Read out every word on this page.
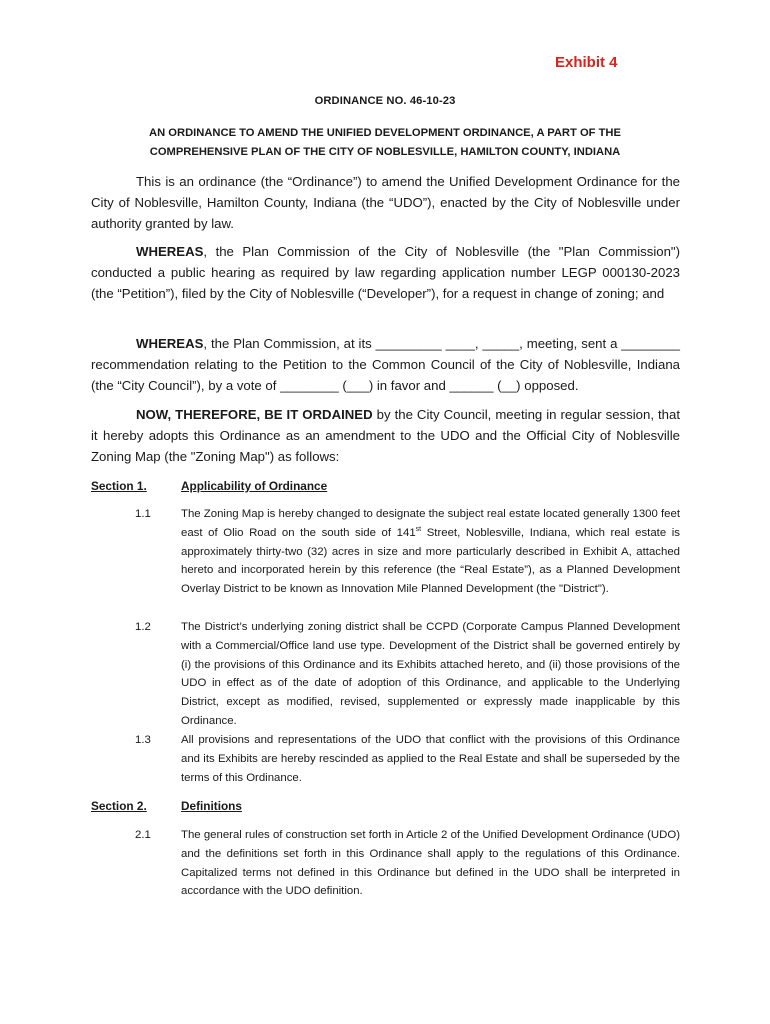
Exhibit 4
ORDINANCE NO. 46-10-23
AN ORDINANCE TO AMEND THE UNIFIED DEVELOPMENT ORDINANCE, A PART OF THE COMPREHENSIVE PLAN OF THE CITY OF NOBLESVILLE, HAMILTON COUNTY, INDIANA
This is an ordinance (the “Ordinance”) to amend the Unified Development Ordinance for the City of Noblesville, Hamilton County, Indiana (the “UDO”), enacted by the City of Noblesville under authority granted by law.
WHEREAS, the Plan Commission of the City of Noblesville (the "Plan Commission") conducted a public hearing as required by law regarding application number LEGP 000130-2023 (the “Petition”), filed by the City of Noblesville (“Developer”), for a request in change of zoning; and
WHEREAS, the Plan Commission, at its _________ ____, _____, meeting, sent a ________ recommendation relating to the Petition to the Common Council of the City of Noblesville, Indiana (the “City Council”), by a vote of ________ (___) in favor and ______ (__) opposed.
NOW, THEREFORE, BE IT ORDAINED by the City Council, meeting in regular session, that it hereby adopts this Ordinance as an amendment to the UDO and the Official City of Noblesville Zoning Map (the "Zoning Map") as follows:
Section 1.	Applicability of Ordinance
1.1	The Zoning Map is hereby changed to designate the subject real estate located generally 1300 feet east of Olio Road on the south side of 141st Street, Noblesville, Indiana, which real estate is approximately thirty-two (32) acres in size and more particularly described in Exhibit A, attached hereto and incorporated herein by this reference (the “Real Estate”), as a Planned Development Overlay District to be known as Innovation Mile Planned Development (the "District").
1.2	The District’s underlying zoning district shall be CCPD (Corporate Campus Planned Development with a Commercial/Office land use type. Development of the District shall be governed entirely by (i) the provisions of this Ordinance and its Exhibits attached hereto, and (ii) those provisions of the UDO in effect as of the date of adoption of this Ordinance, and applicable to the Underlying District, except as modified, revised, supplemented or expressly made inapplicable by this Ordinance.
1.3	All provisions and representations of the UDO that conflict with the provisions of this Ordinance and its Exhibits are hereby rescinded as applied to the Real Estate and shall be superseded by the terms of this Ordinance.
Section 2.	Definitions
2.1	The general rules of construction set forth in Article 2 of the Unified Development Ordinance (UDO) and the definitions set forth in this Ordinance shall apply to the regulations of this Ordinance. Capitalized terms not defined in this Ordinance but defined in the UDO shall be interpreted in accordance with the UDO definition.
